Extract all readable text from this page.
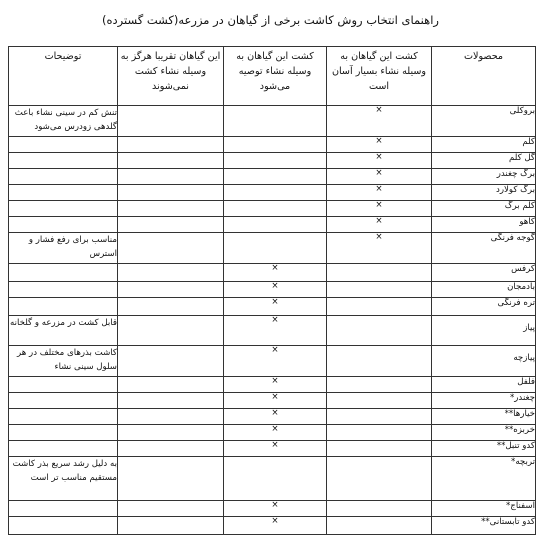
راهنمای انتخاب روش کاشت برخی از گیاهان در مزرعه(کشت گسترده)
محصولات	کشت این گیاهان به وسیله نشاء بسیار آسان است	کشت این گیاهان به وسیله نشاء توصیه می‌شود	این گیاهان تقریبا هرگز به وسیله نشاء کشت نمی‌شوند	توضیحات
بروکلی	×			تنش کم در سینی نشاء باعث گلدهی زودرس می‌شود
کلم	×			
گل کلم	×			
برگ چغندر	×			
برگ کولارد	×			
کلم برگ	×			
کاهو	×			
گوجه فرنگی	×			مناسب برای رفع فشار و استرس
کرفس		×		
بادمجان		×		
تره فرنگی		×		
پیاز		×		قابل کشت در مزرعه و گلخانه
پیازچه		×		کاشت بذرهای مختلف در هر سلول سینی نشاء
فلفل		×		
چغندر*		×		
خیارها**		×		
خربزه**		×		
کدو تنبل**		×		
تربچه*				به دلیل رشد سریع بذر کاشت مستقیم مناسب تر است
اسفناج*		×		
کدو تابستانی**		×		
